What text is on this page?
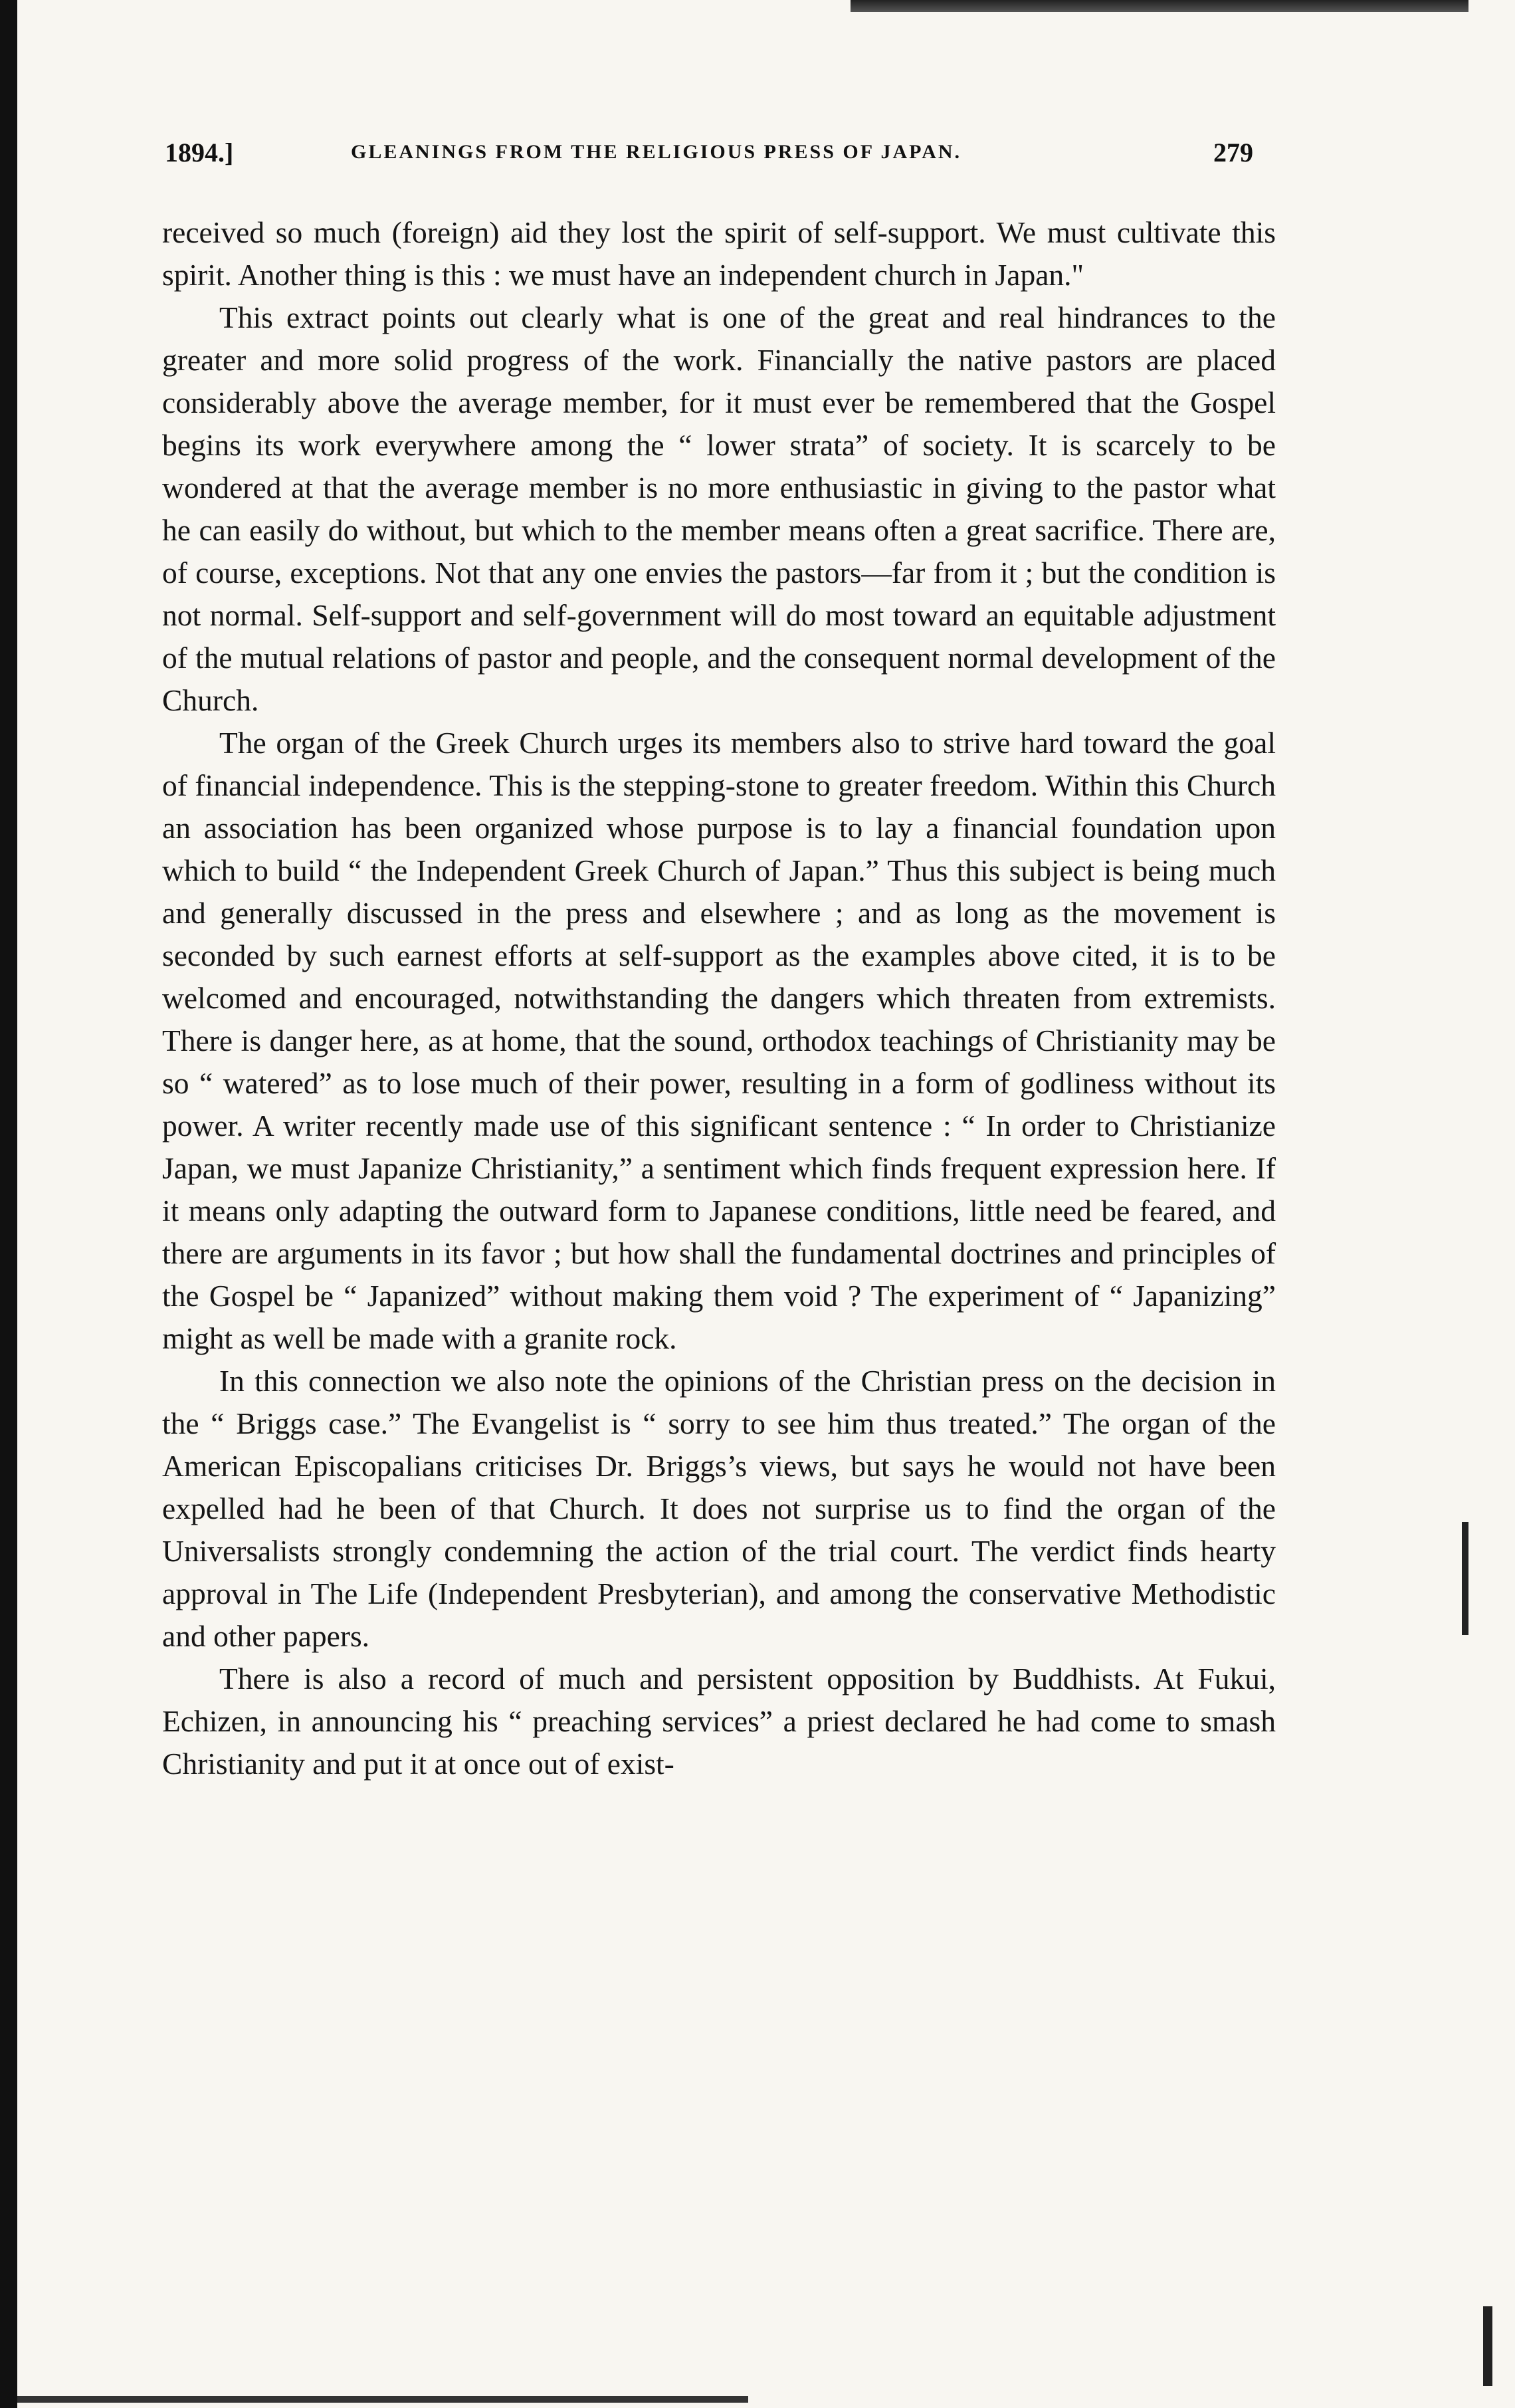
1894.]	GLEANINGS FROM THE RELIGIOUS PRESS OF JAPAN.	279

received so much (foreign) aid they lost the spirit of self-support. We must cultivate this spirit. Another thing is this : we must have an independent church in Japan."

This extract points out clearly what is one of the great and real hindrances to the greater and more solid progress of the work. Financially the native pastors are placed considerably above the average member, for it must ever be remembered that the Gospel begins its work everywhere among the “ lower strata” of society. It is scarcely to be wondered at that the average member is no more enthusiastic in giving to the pastor what he can easily do without, but which to the member means often a great sacrifice. There are, of course, exceptions. Not that any one envies the pastors—far from it ; but the condition is not normal. Self-support and self-government will do most toward an equitable adjustment of the mutual relations of pastor and people, and the consequent normal development of the Church.

The organ of the Greek Church urges its members also to strive hard toward the goal of financial independence. This is the stepping-stone to greater freedom. Within this Church an association has been organized whose purpose is to lay a financial foundation upon which to build “ the Independent Greek Church of Japan.” Thus this subject is being much and generally discussed in the press and elsewhere ; and as long as the movement is seconded by such earnest efforts at self-support as the examples above cited, it is to be welcomed and encouraged, notwithstanding the dangers which threaten from extremists. There is danger here, as at home, that the sound, orthodox teachings of Christianity may be so “ watered” as to lose much of their power, resulting in a form of godliness without its power. A writer recently made use of this significant sentence : “ In order to Christianize Japan, we must Japanize Christianity,” a sentiment which finds frequent expression here. If it means only adapting the outward form to Japanese conditions, little need be feared, and there are arguments in its favor ; but how shall the fundamental doctrines and principles of the Gospel be “ Japanized” without making them void ? The experiment of “ Japanizing” might as well be made with a granite rock.

In this connection we also note the opinions of the Christian press on the decision in the “ Briggs case.” The Evangelist is “ sorry to see him thus treated.” The organ of the American Episcopalians criticises Dr. Briggs’s views, but says he would not have been expelled had he been of that Church. It does not surprise us to find the organ of the Universalists strongly condemning the action of the trial court. The verdict finds hearty approval in The Life (Independent Presbyterian), and among the conservative Methodistic and other papers.

There is also a record of much and persistent opposition by Buddhists. At Fukui, Echizen, in announcing his “ preaching services” a priest declared he had come to smash Christianity and put it at once out of exist-
